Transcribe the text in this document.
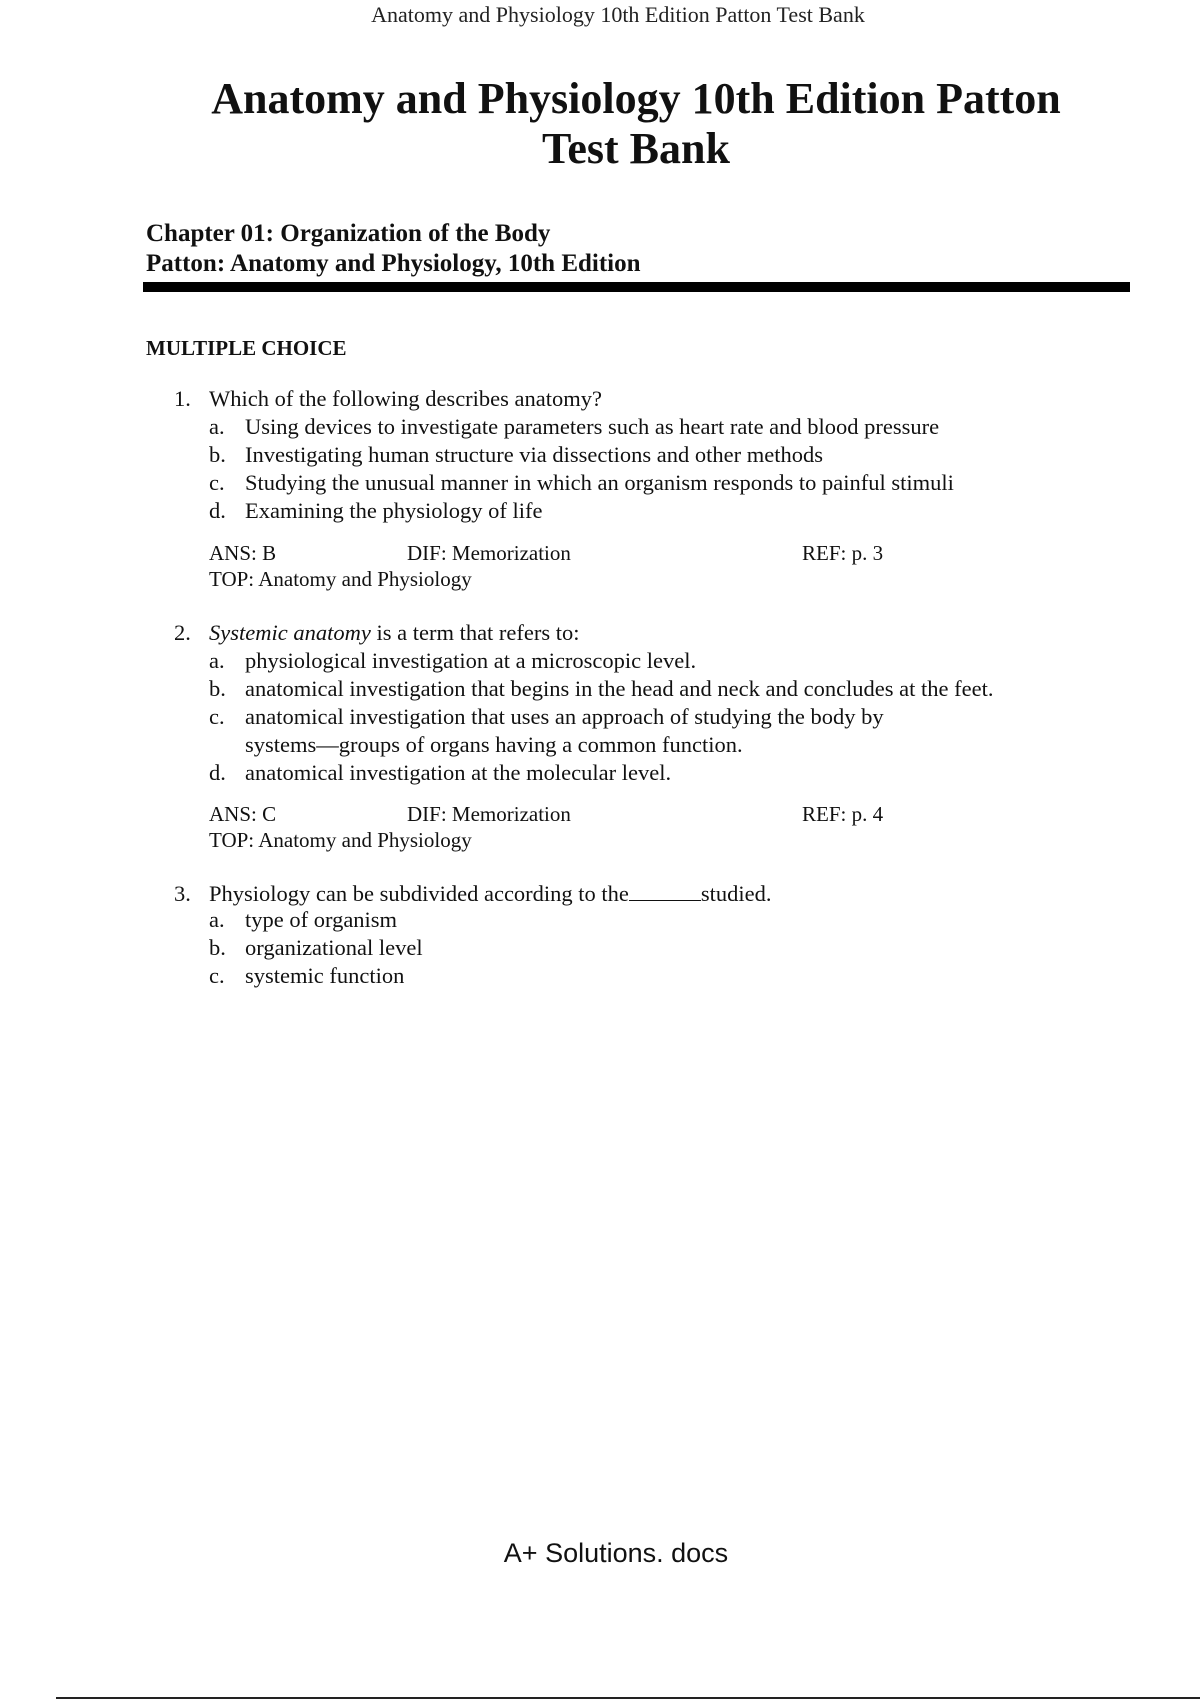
Anatomy and Physiology 10th Edition Patton Test Bank
Anatomy and Physiology 10th Edition Patton
Test Bank
Chapter 01: Organization of the Body
Patton: Anatomy and Physiology, 10th Edition
MULTIPLE CHOICE
1. Which of the following describes anatomy?
a. Using devices to investigate parameters such as heart rate and blood pressure
b. Investigating human structure via dissections and other methods
c. Studying the unusual manner in which an organism responds to painful stimuli
d. Examining the physiology of life
ANS: B	DIF: Memorization	REF: p. 3
TOP: Anatomy and Physiology
2. Systemic anatomy is a term that refers to:
a. physiological investigation at a microscopic level.
b. anatomical investigation that begins in the head and neck and concludes at the feet.
c. anatomical investigation that uses an approach of studying the body by
systems—groups of organs having a common function.
d. anatomical investigation at the molecular level.
ANS: C	DIF: Memorization	REF: p. 4
TOP: Anatomy and Physiology
3. Physiology can be subdivided according to the	studied.
a. type of organism
b. organizational level
c. systemic function
A+ Solutions. docs
